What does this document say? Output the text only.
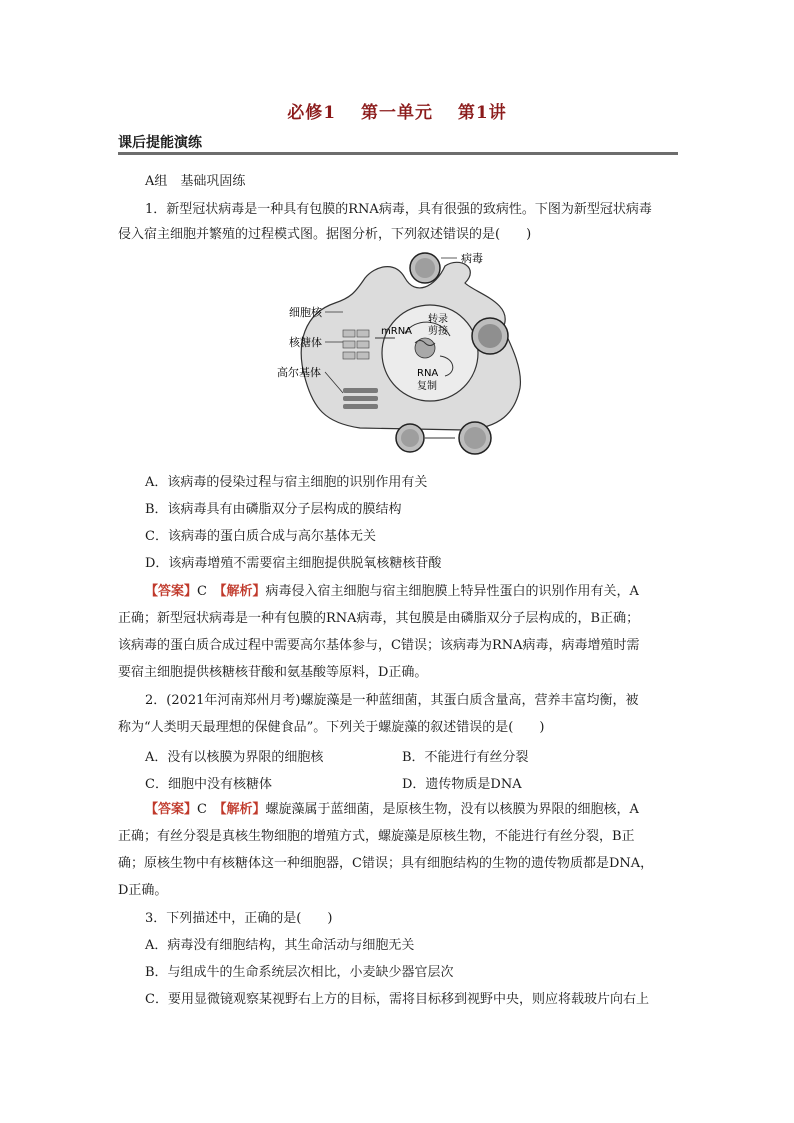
必修1 第一单元 第1讲
课后提能演练
A组　基础巩固练
1．新型冠状病毒是一种具有包膜的RNA病毒，具有很强的致病性。下图为新型冠状病毒
侵入宿主细胞并繁殖的过程模式图。据图分析，下列叙述错误的是(　　)
病毒
细胞核
核糖体
高尔基体
转录
剪接
mRNA
RNA
复制
A．该病毒的侵染过程与宿主细胞的识别作用有关
B．该病毒具有由磷脂双分子层构成的膜结构
C．该病毒的蛋白质合成与高尔基体无关
D．该病毒增殖不需要宿主细胞提供脱氧核糖核苷酸
【答案】C　 【解析】病毒侵入宿主细胞与宿主细胞膜上特异性蛋白的识别作用有关，A
正确；新型冠状病毒是一种有包膜的RNA病毒，其包膜是由磷脂双分子层构成的，B正确；
该病毒的蛋白质合成过程中需要高尔基体参与，C错误；该病毒为RNA病毒，病毒增殖时需
要宿主细胞提供核糖核苷酸和氨基酸等原料，D正确。
2．(2021年河南郑州月考)螺旋藻是一种蓝细菌，其蛋白质含量高，营养丰富均衡，被
称为“人类明天最理想的保健食品”。下列关于螺旋藻的叙述错误的是(　　)
A．没有以核膜为界限的细胞核	B．不能进行有丝分裂
C．细胞中没有核糖体	D．遗传物质是DNA
【答案】C　 【解析】螺旋藻属于蓝细菌，是原核生物，没有以核膜为界限的细胞核，A
正确；有丝分裂是真核生物细胞的增殖方式，螺旋藻是原核生物，不能进行有丝分裂，B正
确；原核生物中有核糖体这一种细胞器，C错误；具有细胞结构的生物的遗传物质都是DNA，
D正确。
3．下列描述中，正确的是(　　)
A．病毒没有细胞结构，其生命活动与细胞无关
B．与组成牛的生命系统层次相比，小麦缺少器官层次
C．要用显微镜观察某视野右上方的目标，需将目标移到视野中央，则应将载玻片向右上
